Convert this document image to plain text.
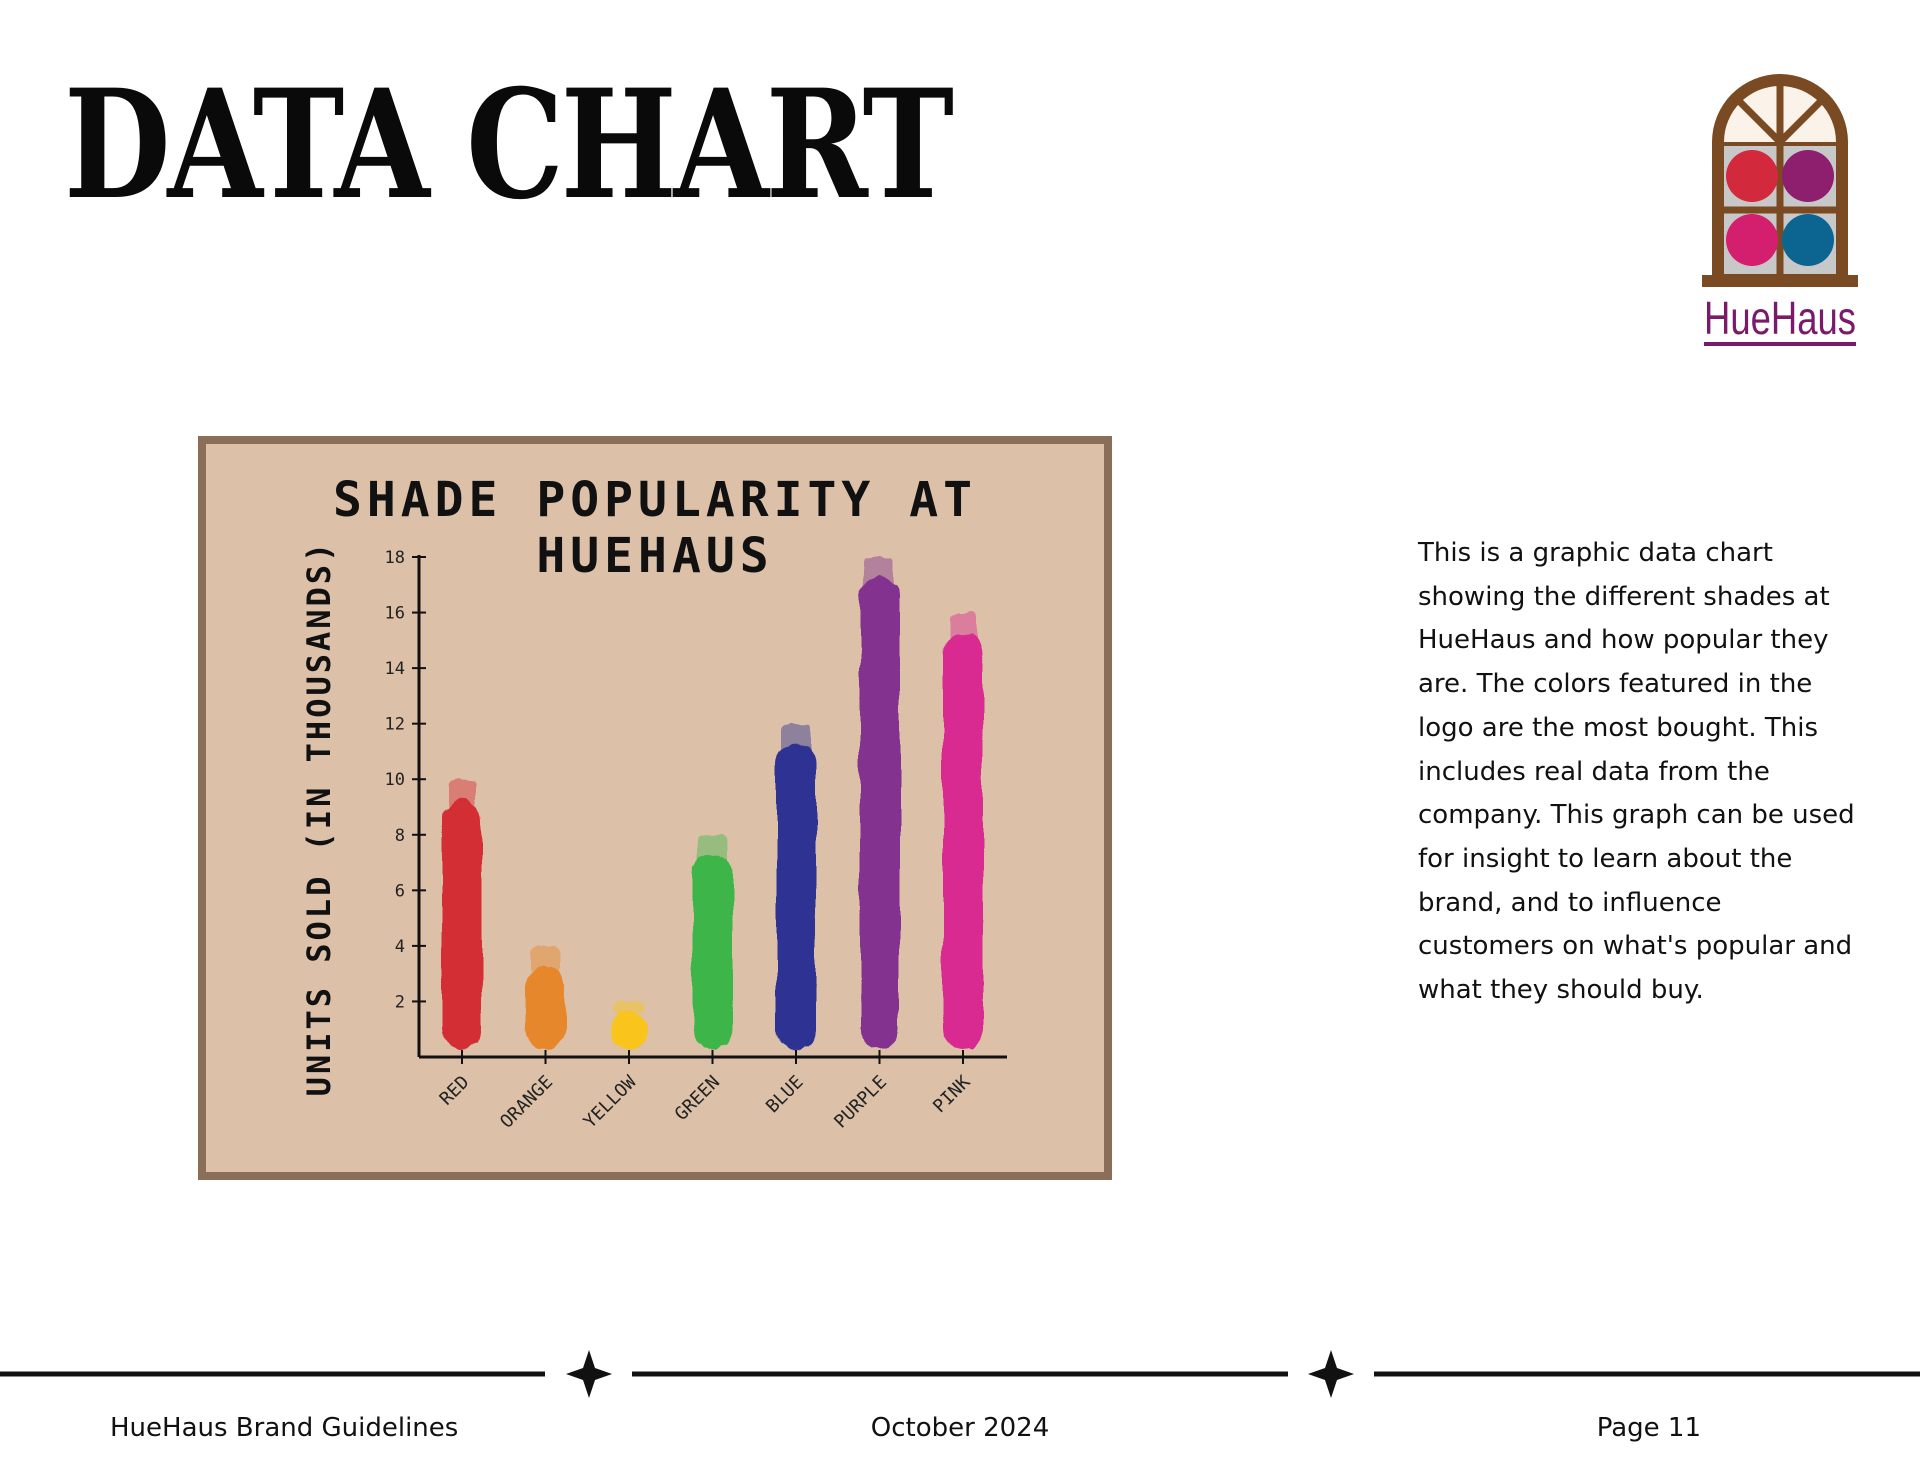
DATA CHART
HueHaus
SHADE POPULARITY AT HUEHAUS
UNITS SOLD (IN THOUSANDS)	2
4
6
8
10
12
14
16
18
RED ORANGE YELLOW GREEN BLUE PURPLE PINK

This is a graphic data chart showing the different shades at HueHaus and how popular they are. The colors featured in the logo are the most bought. This includes real data from the company. This graph can be used for insight to learn about the brand, and to influence customers on what's popular and what they should buy.

HueHaus Brand Guidelines	October 2024	Page 11
